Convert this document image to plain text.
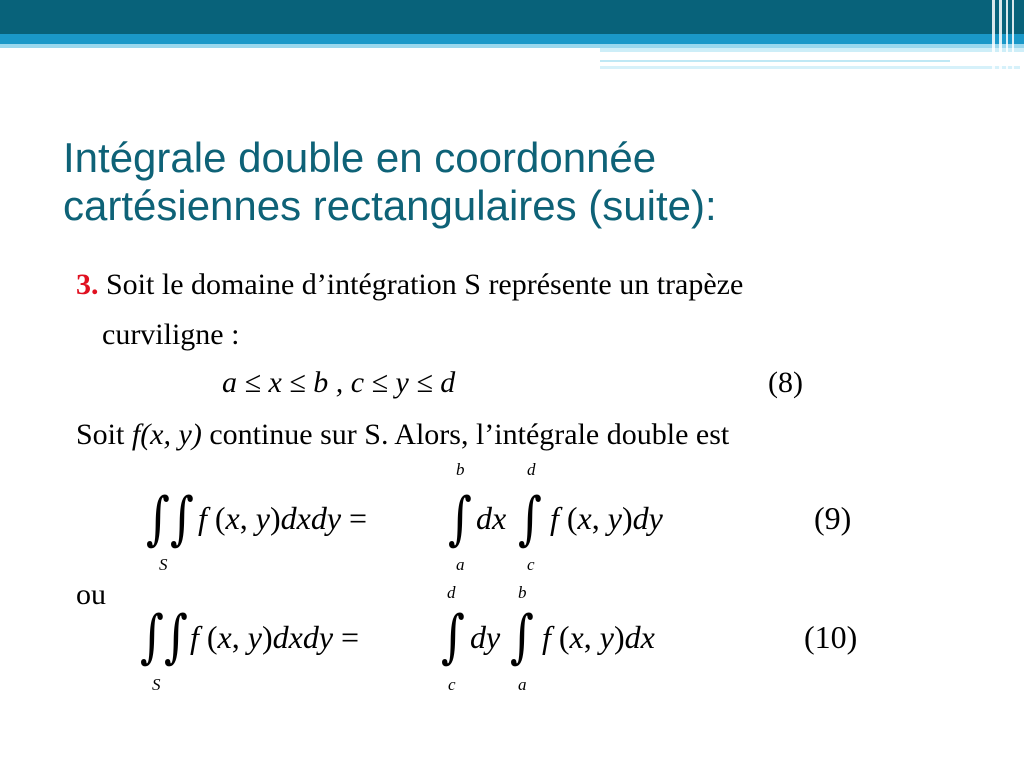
Intégrale double en coordonnée
cartésiennes rectangulaires (suite):
3. Soit le domaine d’intégration S représente un trapèze
curviligne :
a ≤ x ≤ b , c ≤ y ≤ d	(8)
Soit f(x, y) continue sur S. Alors, l’intégrale double est
∫∫
S
f (x, y)dxdy =
b
∫
a
dx
d
∫
c
f (x, y)dy	(9)
ou
∫∫
S
f (x, y)dxdy =
d
∫
c
dy
b
∫
a
f (x, y)dx	(10)
